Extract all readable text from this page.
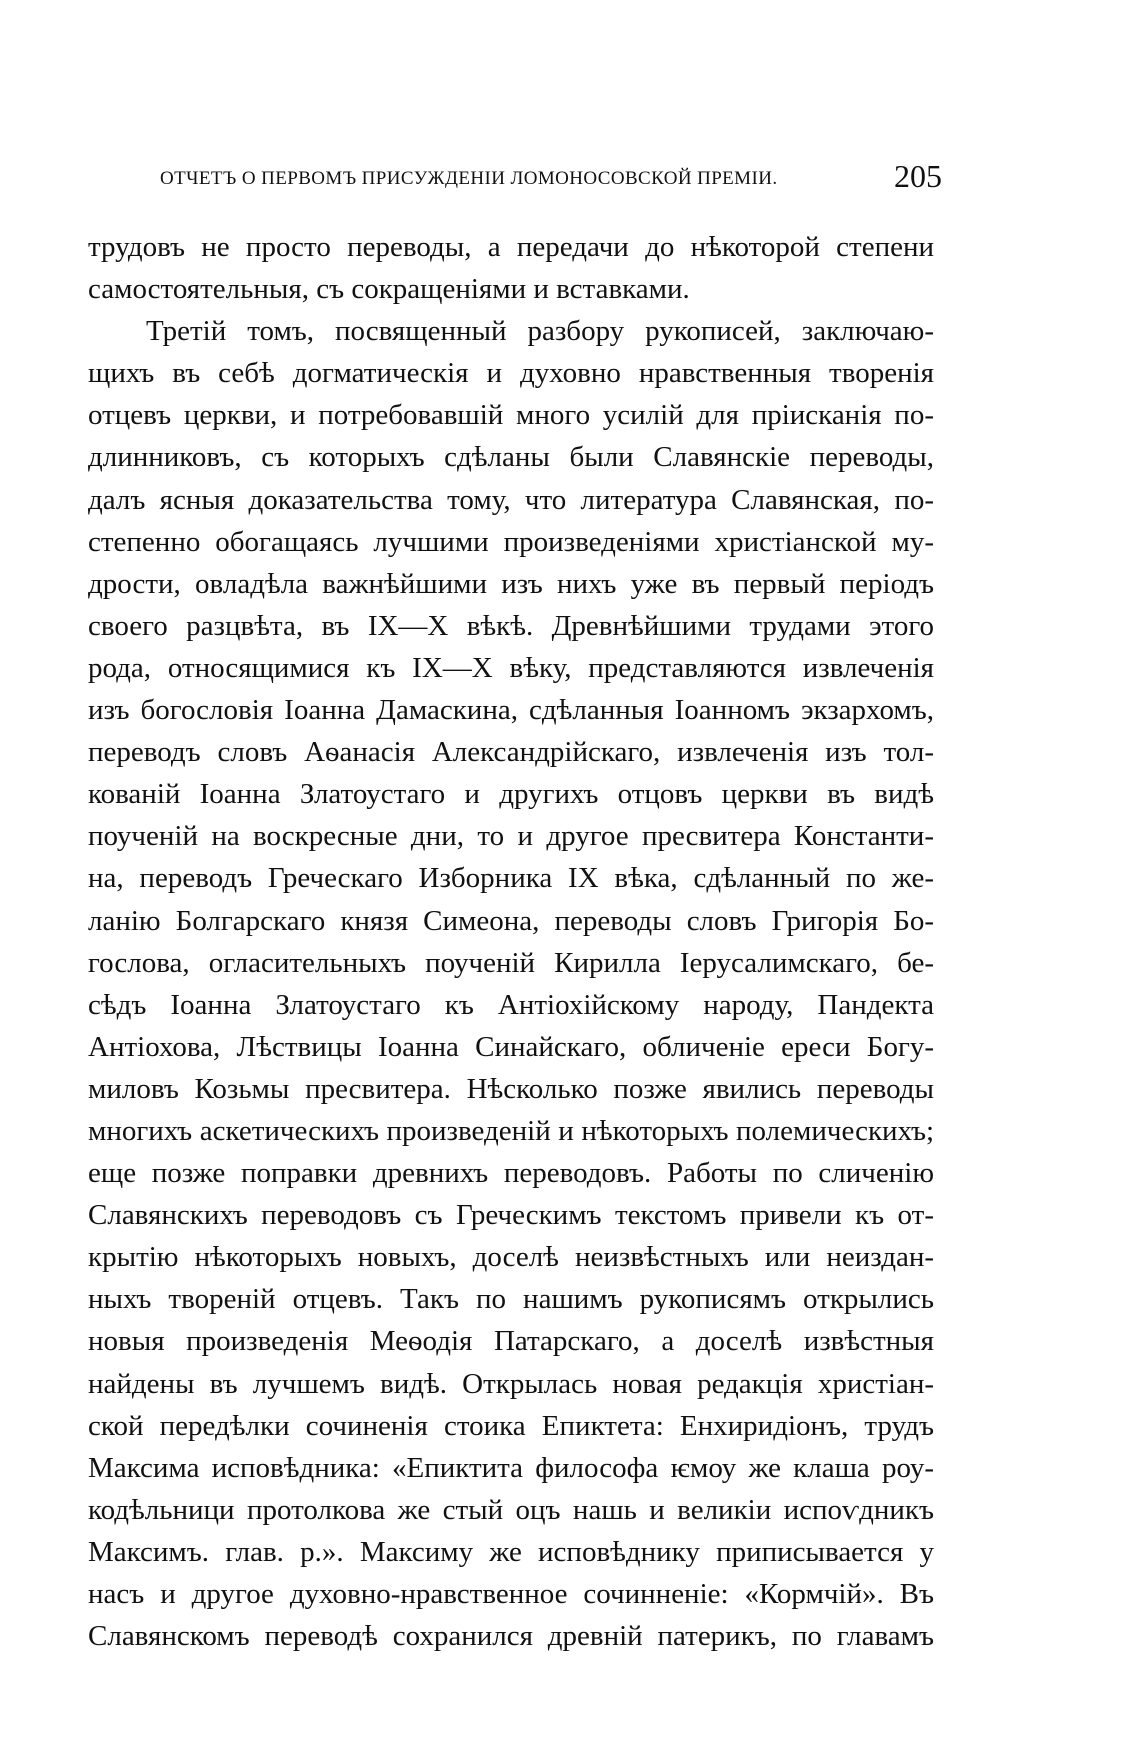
ОТЧЕТЪ О ПЕРВОМЪ ПРИСУЖДЕНІИ ЛОМОНОСОВСКОЙ ПРЕМІИ.	205
трудовъ не просто переводы, а передачи до нѣкоторой степени
самостоятельныя, съ сокращеніями и вставками.
Третій томъ, посвященный разбору рукописей, заключаю-
щихъ въ себѣ догматическія и духовно нравственныя творенія
отцевъ церкви, и потребовавшій много усилій для пріисканія по-
длинниковъ, съ которыхъ сдѣланы были Славянскіе переводы,
далъ ясныя доказательства тому, что литература Славянская, по-
степенно обогащаясь лучшими произведеніями христіанской му-
дрости, овладѣла важнѣйшими изъ нихъ уже въ первый періодъ
своего разцвѣта, въ IX—X вѣкѣ. Древнѣйшими трудами этого
рода, относящимися къ IX—X вѣку, представляются извлеченія
изъ богословія Іоанна Дамаскина, сдѣланныя Іоанномъ экзархомъ,
переводъ словъ Аѳанасія Александрійскаго, извлеченія изъ тол-
кованій Іоанна Златоустаго и другихъ отцовъ церкви въ видѣ
поученій на воскресные дни, то и другое пресвитера Константи-
на, переводъ Греческаго Изборника IX вѣка, сдѣланный по же-
ланію Болгарскаго князя Симеона, переводы словъ Григорія Бо-
гослова, огласительныхъ поученій Кирилла Іерусалимскаго, бе-
сѣдъ Іоанна Златоустаго къ Антіохійскому народу, Пандекта
Антіохова, Лѣствицы Іоанна Синайскаго, обличеніе ереси Богу-
миловъ Козьмы пресвитера. Нѣсколько позже явились переводы
многихъ аскетическихъ произведеній и нѣкоторыхъ полемическихъ;
еще позже поправки древнихъ переводовъ. Работы по сличенію
Славянскихъ переводовъ съ Греческимъ текстомъ привели къ от-
крытію нѣкоторыхъ новыхъ, доселѣ неизвѣстныхъ или неиздан-
ныхъ твореній отцевъ. Такъ по нашимъ рукописямъ открылись
новыя произведенія Меѳодія Патарскаго, а доселѣ извѣстныя
найдены въ лучшемъ видѣ. Открылась новая редакція христіан-
ской передѣлки сочиненія стоика Епиктета: Енхиридіонъ, трудъ
Максима исповѣдника: «Епиктита философа ѥмоу же клаша роу-
кодѣльници протолкова же стый оцъ нашь и великіи испоѵдникъ
Максимъ. глав. р.». Максиму же исповѣднику приписывается у
насъ и другое духовно-нравственное сочинненіе: «Кормчій». Въ
Славянскомъ переводѣ сохранился древній патерикъ, по главамъ
